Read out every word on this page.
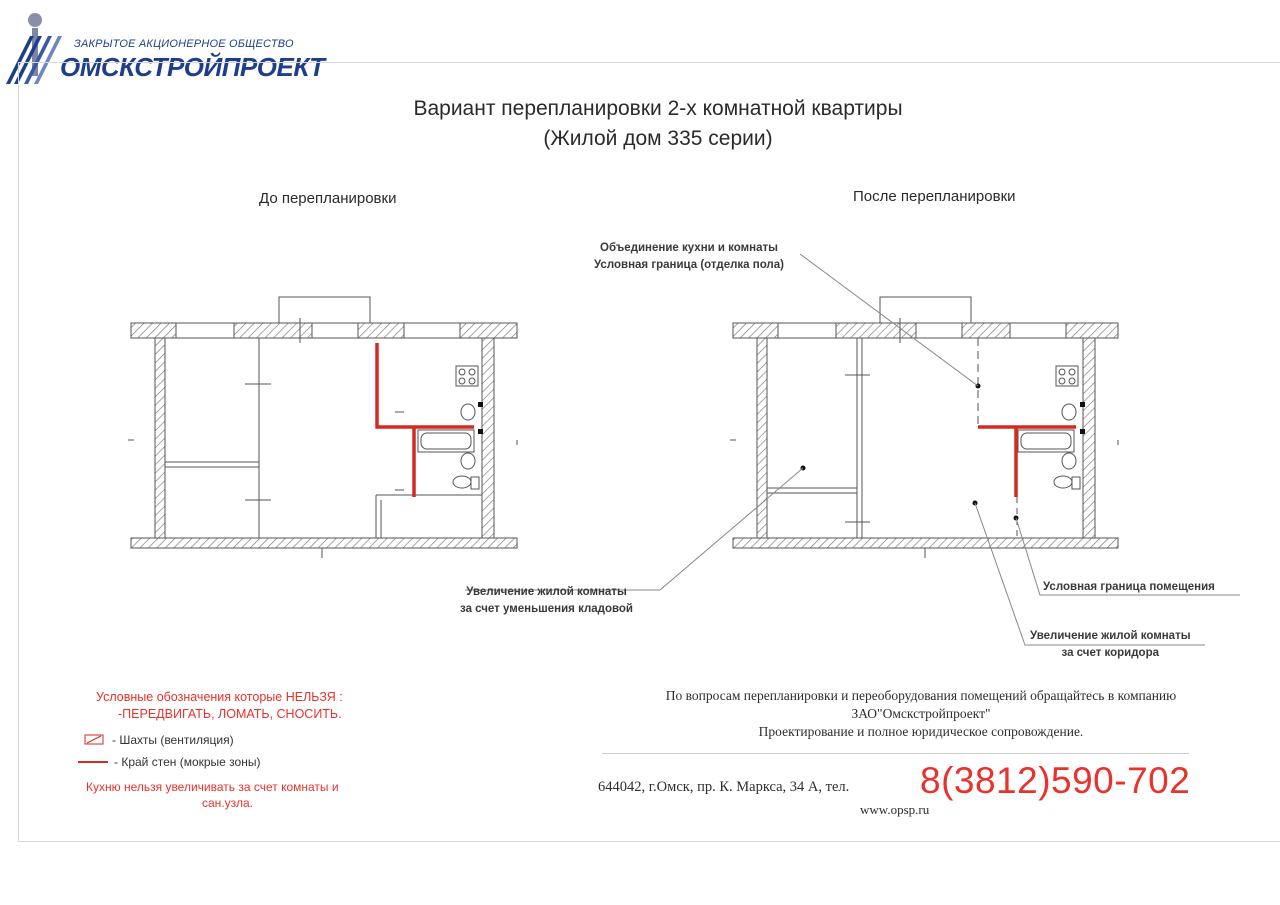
ЗАКРЫТОЕ АКЦИОНЕРНОЕ ОБЩЕСТВО
ОМСКСТРОЙПРОЕКТ
Вариант перепланировки 2-х комнатной квартиры
(Жилой дом 335 серии)
До перепланировки	После перепланировки
Объединение кухни и комнаты
Условная граница (отделка пола)
Увеличение жилой комнаты
за счет уменьшения кладовой
Условная граница помещения
Увеличение жилой комнаты
за счет коридора
Условные обозначения которые НЕЛЬЗЯ :
-ПЕРЕДВИГАТЬ, ЛОМАТЬ, СНОСИТЬ.
- Шахты (вентиляция)
- Край стен (мокрые зоны)
Кухню нельзя увеличивать за счет комнаты и
сан.узла.
По вопросам перепланировки и переоборудования помещений обращайтесь в компанию
ЗАО"Омскстройпроект"
Проектирование и полное юридическое сопровождение.
644042, г.Омск, пр. К. Маркса, 34 А, тел. 8(3812)590-702
www.opsp.ru
